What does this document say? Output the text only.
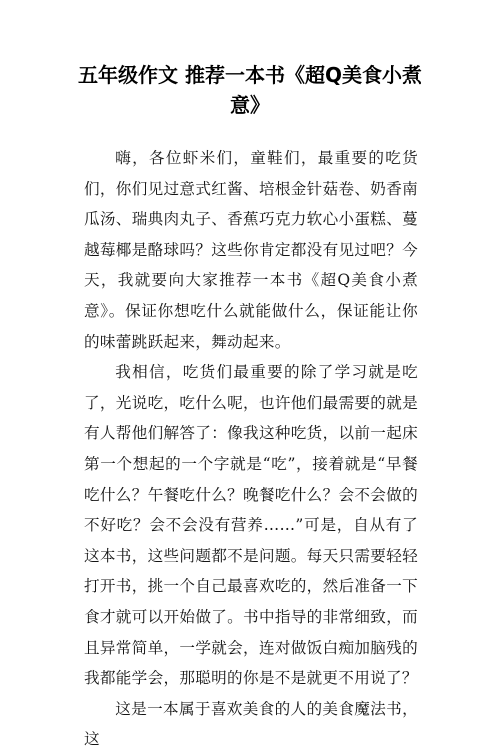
五年级作文 推荐一本书《超Q美食小煮意》

嗨，各位虾米们，童鞋们，最重要的吃货们，你们见过意式红酱、培根金针菇卷、奶香南瓜汤、瑞典肉丸子、香蕉巧克力软心小蛋糕、蔓越莓椰是酪球吗？这些你肯定都没有见过吧？今天，我就要向大家推荐一本书《超Q美食小煮意》。保证你想吃什么就能做什么，保证能让你的味蕾跳跃起来，舞动起来。

我相信，吃货们最重要的除了学习就是吃了，光说吃，吃什么呢，也许他们最需要的就是有人帮他们解答了：像我这种吃货，以前一起床第一个想起的一个字就是“吃”，接着就是“早餐吃什么？午餐吃什么？晚餐吃什么？会不会做的不好吃？会不会没有营养……”可是，自从有了这本书，这些问题都不是问题。每天只需要轻轻打开书，挑一个自己最喜欢吃的，然后准备一下食才就可以开始做了。书中指导的非常细致，而且异常简单，一学就会，连对做饭白痴加脑残的我都能学会，那聪明的你是不是就更不用说了？

这是一本属于喜欢美食的人的美食魔法书，这
